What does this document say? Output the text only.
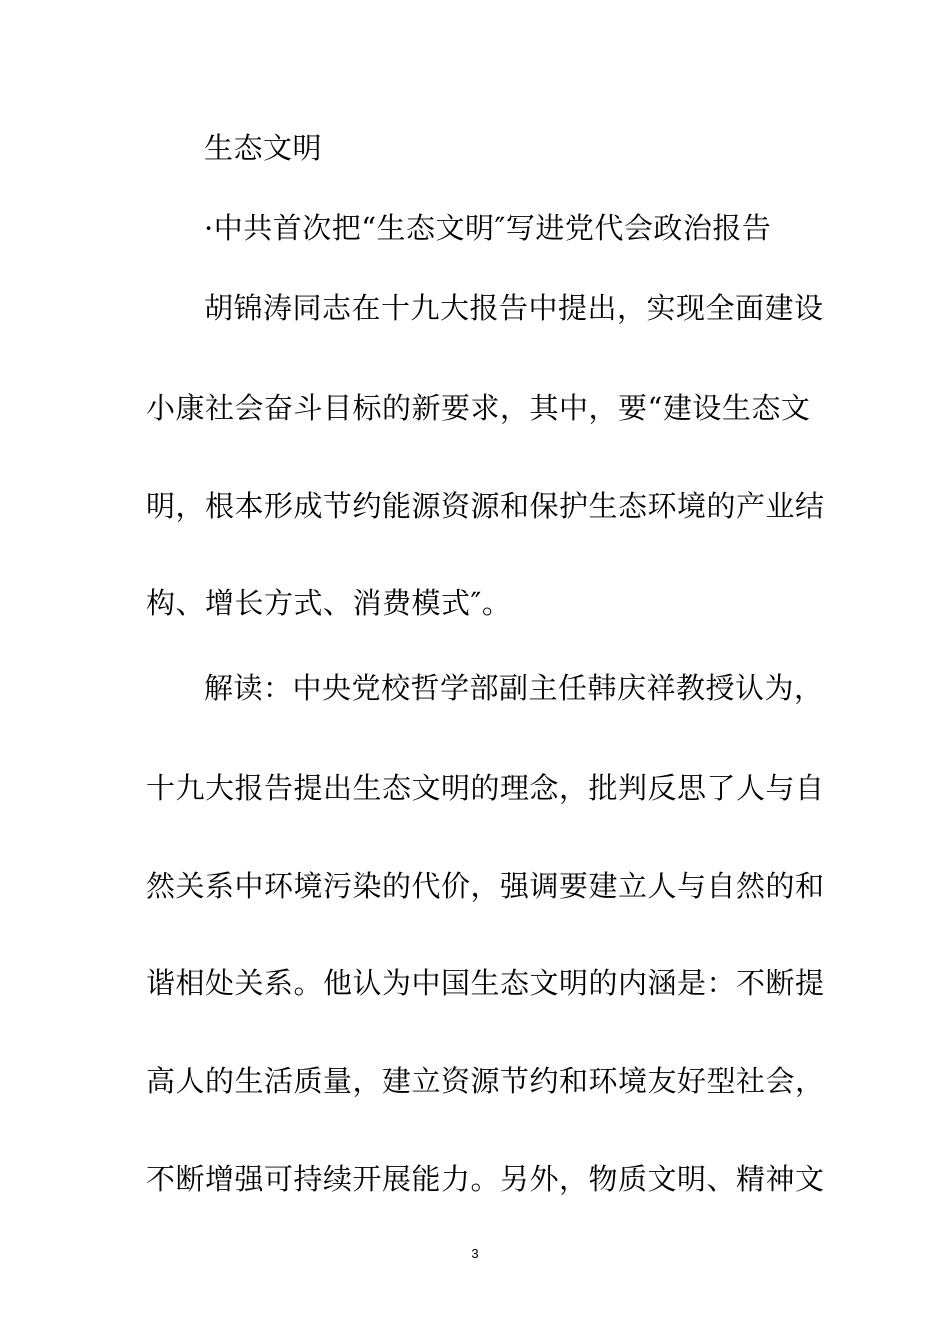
生态文明
·中共首次把“生态文明″写进党代会政治报告
胡锦涛同志在十九大报告中提出，实现全面建设
小康社会奋斗目标的新要求，其中，要“建设生态文
明，根本形成节约能源资源和保护生态环境的产业结
构、增长方式、消费模式″。
解读：中央党校哲学部副主任韩庆祥教授认为，
十九大报告提出生态文明的理念，批判反思了人与自
然关系中环境污染的代价，强调要建立人与自然的和
谐相处关系。他认为中国生态文明的内涵是：不断提
高人的生活质量，建立资源节约和环境友好型社会，
不断增强可持续开展能力。另外，物质文明、精神文
3
